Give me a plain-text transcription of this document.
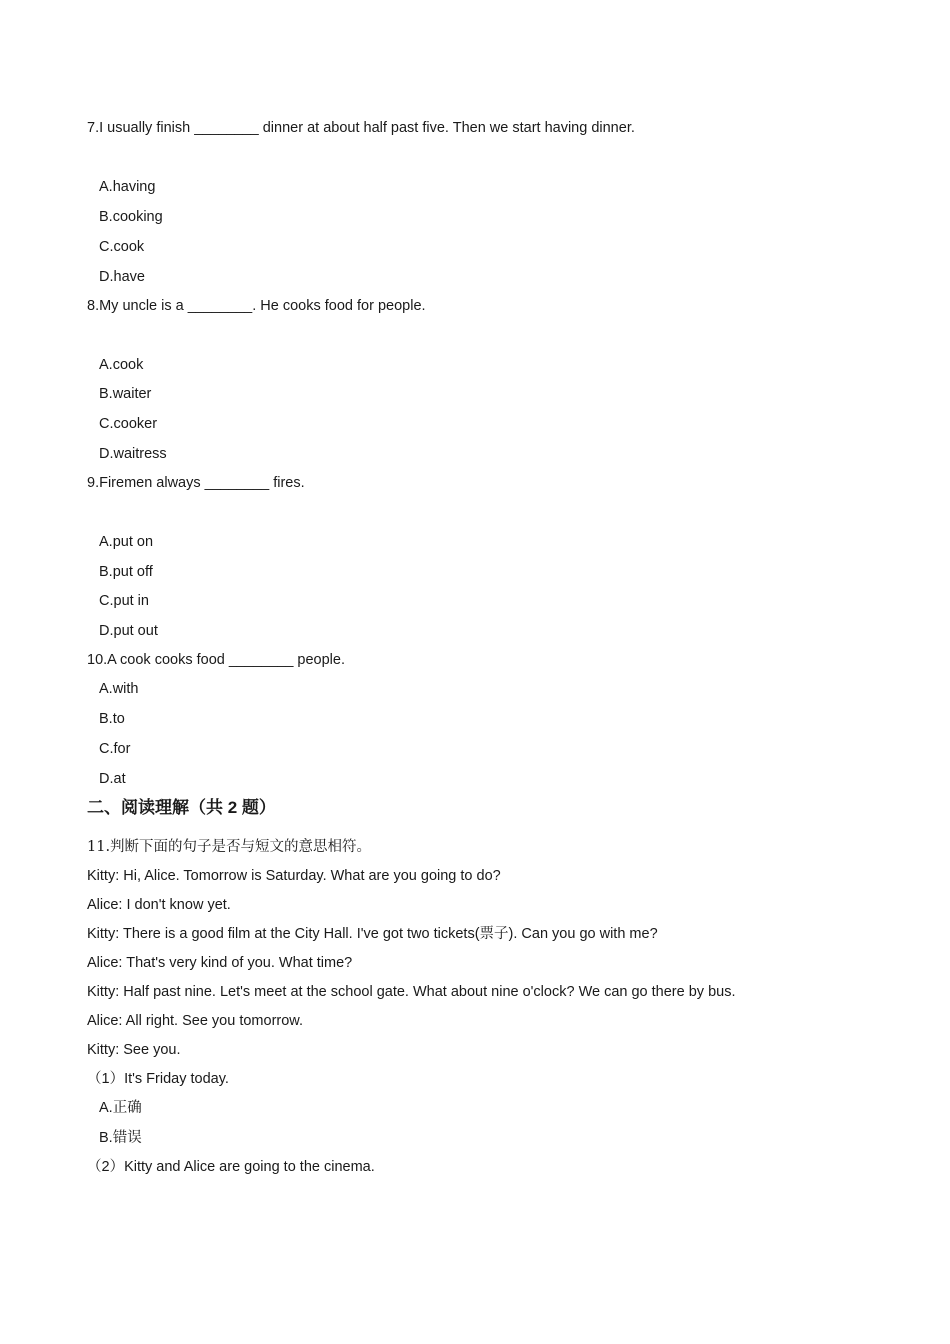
7.I usually finish ________ dinner at about half past five. Then we start having dinner.
A.having
B.cooking
C.cook
D.have
8.My uncle is a ________. He cooks food for people.
A.cook
B.waiter
C.cooker
D.waitress
9.Firemen always ________ fires.
A.put on
B.put off
C.put in
D.put out
10.A cook cooks food ________ people.
A.with
B.to
C.for
D.at
二、阅读理解（共 2 题）
11.判断下面的句子是否与短文的意思相符。
Kitty: Hi, Alice. Tomorrow is Saturday. What are you going to do?
Alice: I don't know yet.
Kitty: There is a good film at the City Hall. I've got two tickets(票子). Can you go with me?
Alice: That's very kind of you. What time?
Kitty: Half past nine. Let's meet at the school gate. What about nine o'clock? We can go there by bus.
Alice: All right. See you tomorrow.
Kitty: See you.
（1）It's Friday today.
A.正确
B.错误
（2）Kitty and Alice are going to the cinema.
